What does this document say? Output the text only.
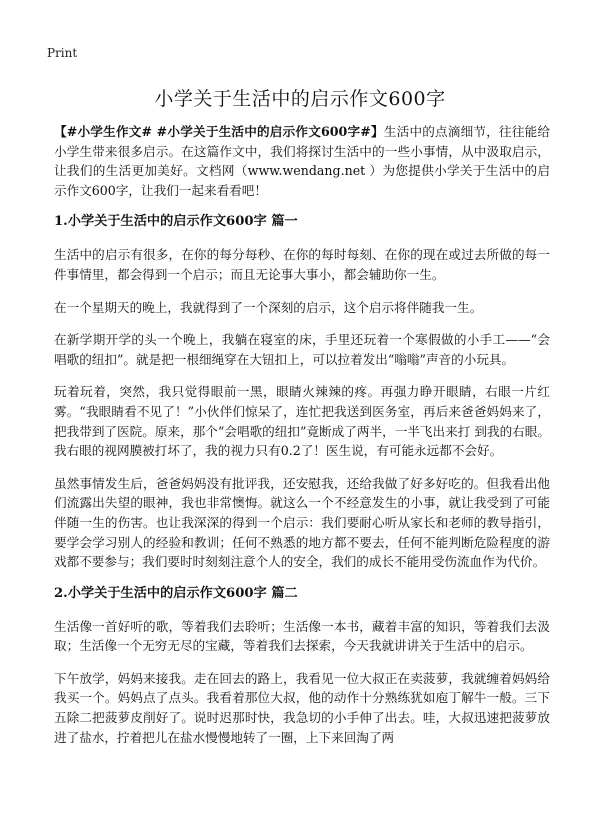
Print
小学关于生活中的启示作文600字

【#小学生作文# #小学关于生活中的启示作文600字#】生活中的点滴细节，往往能给小学生带来很多启示。在这篇作文中，我们将探讨生活中的一些小事情，从中汲取启示，让我们的生活更加美好。文档网（www.wendang.net ）为您提供小学关于生活中的启示作文600字，让我们一起来看看吧！

1.小学关于生活中的启示作文600字 篇一

生活中的启示有很多，在你的每分每秒、在你的每时每刻、在你的现在或过去所做的每一件事情里，都会得到一个启示；而且无论事大事小，都会辅助你一生。

在一个星期天的晚上，我就得到了一个深刻的启示，这个启示将伴随我一生。

在新学期开学的头一个晚上，我躺在寝室的床，手里还玩着一个寒假做的小手工——“会唱歌的纽扣”。就是把一根细绳穿在大钮扣上，可以拉着发出“嗡嗡”声音的小玩具。

玩着玩着，突然，我只觉得眼前一黑，眼睛火辣辣的疼。再强力睁开眼睛，右眼一片红雾。“我眼睛看不见了！”小伙伴们惊呆了，连忙把我送到医务室，再后来爸爸妈妈来了，把我带到了医院。原来，那个“会唱歌的纽扣”竟断成了两半，一半飞出来打 到我的右眼。我右眼的视网膜被打坏了，我的视力只有0.2了！医生说，有可能永远都不会好。

虽然事情发生后，爸爸妈妈没有批评我，还安慰我，还给我做了好多好吃的。但我看出他们流露出失望的眼神，我也非常懊悔。就这么一个不经意发生的小事，就让我受到了可能伴随一生的伤害。也让我深深的得到一个启示：我们要耐心听从家长和老师的教导指引，要学会学习别人的经验和教训；任何不熟悉的地方都不要去，任何不能判断危险程度的游戏都不要参与；我们要时时刻刻注意个人的安全，我们的成长不能用受伤流血作为代价。

2.小学关于生活中的启示作文600字 篇二

生活像一首好听的歌，等着我们去聆听；生活像一本书，藏着丰富的知识，等着我们去汲取；生活像一个无穷无尽的宝藏，等着我们去探索，今天我就讲讲关于生活中的启示。

下午放学，妈妈来接我。走在回去的路上，我看见一位大叔正在卖菠萝，我就缠着妈妈给我买一个。妈妈点了点头。我看着那位大叔，他的动作十分熟练犹如庖丁解牛一般。三下五除二把菠萝皮削好了。说时迟那时快，我急切的小手伸了出去。哇，大叔迅速把菠萝放进了盐水，拧着把儿在盐水慢慢地转了一圈，上下来回淘了两
